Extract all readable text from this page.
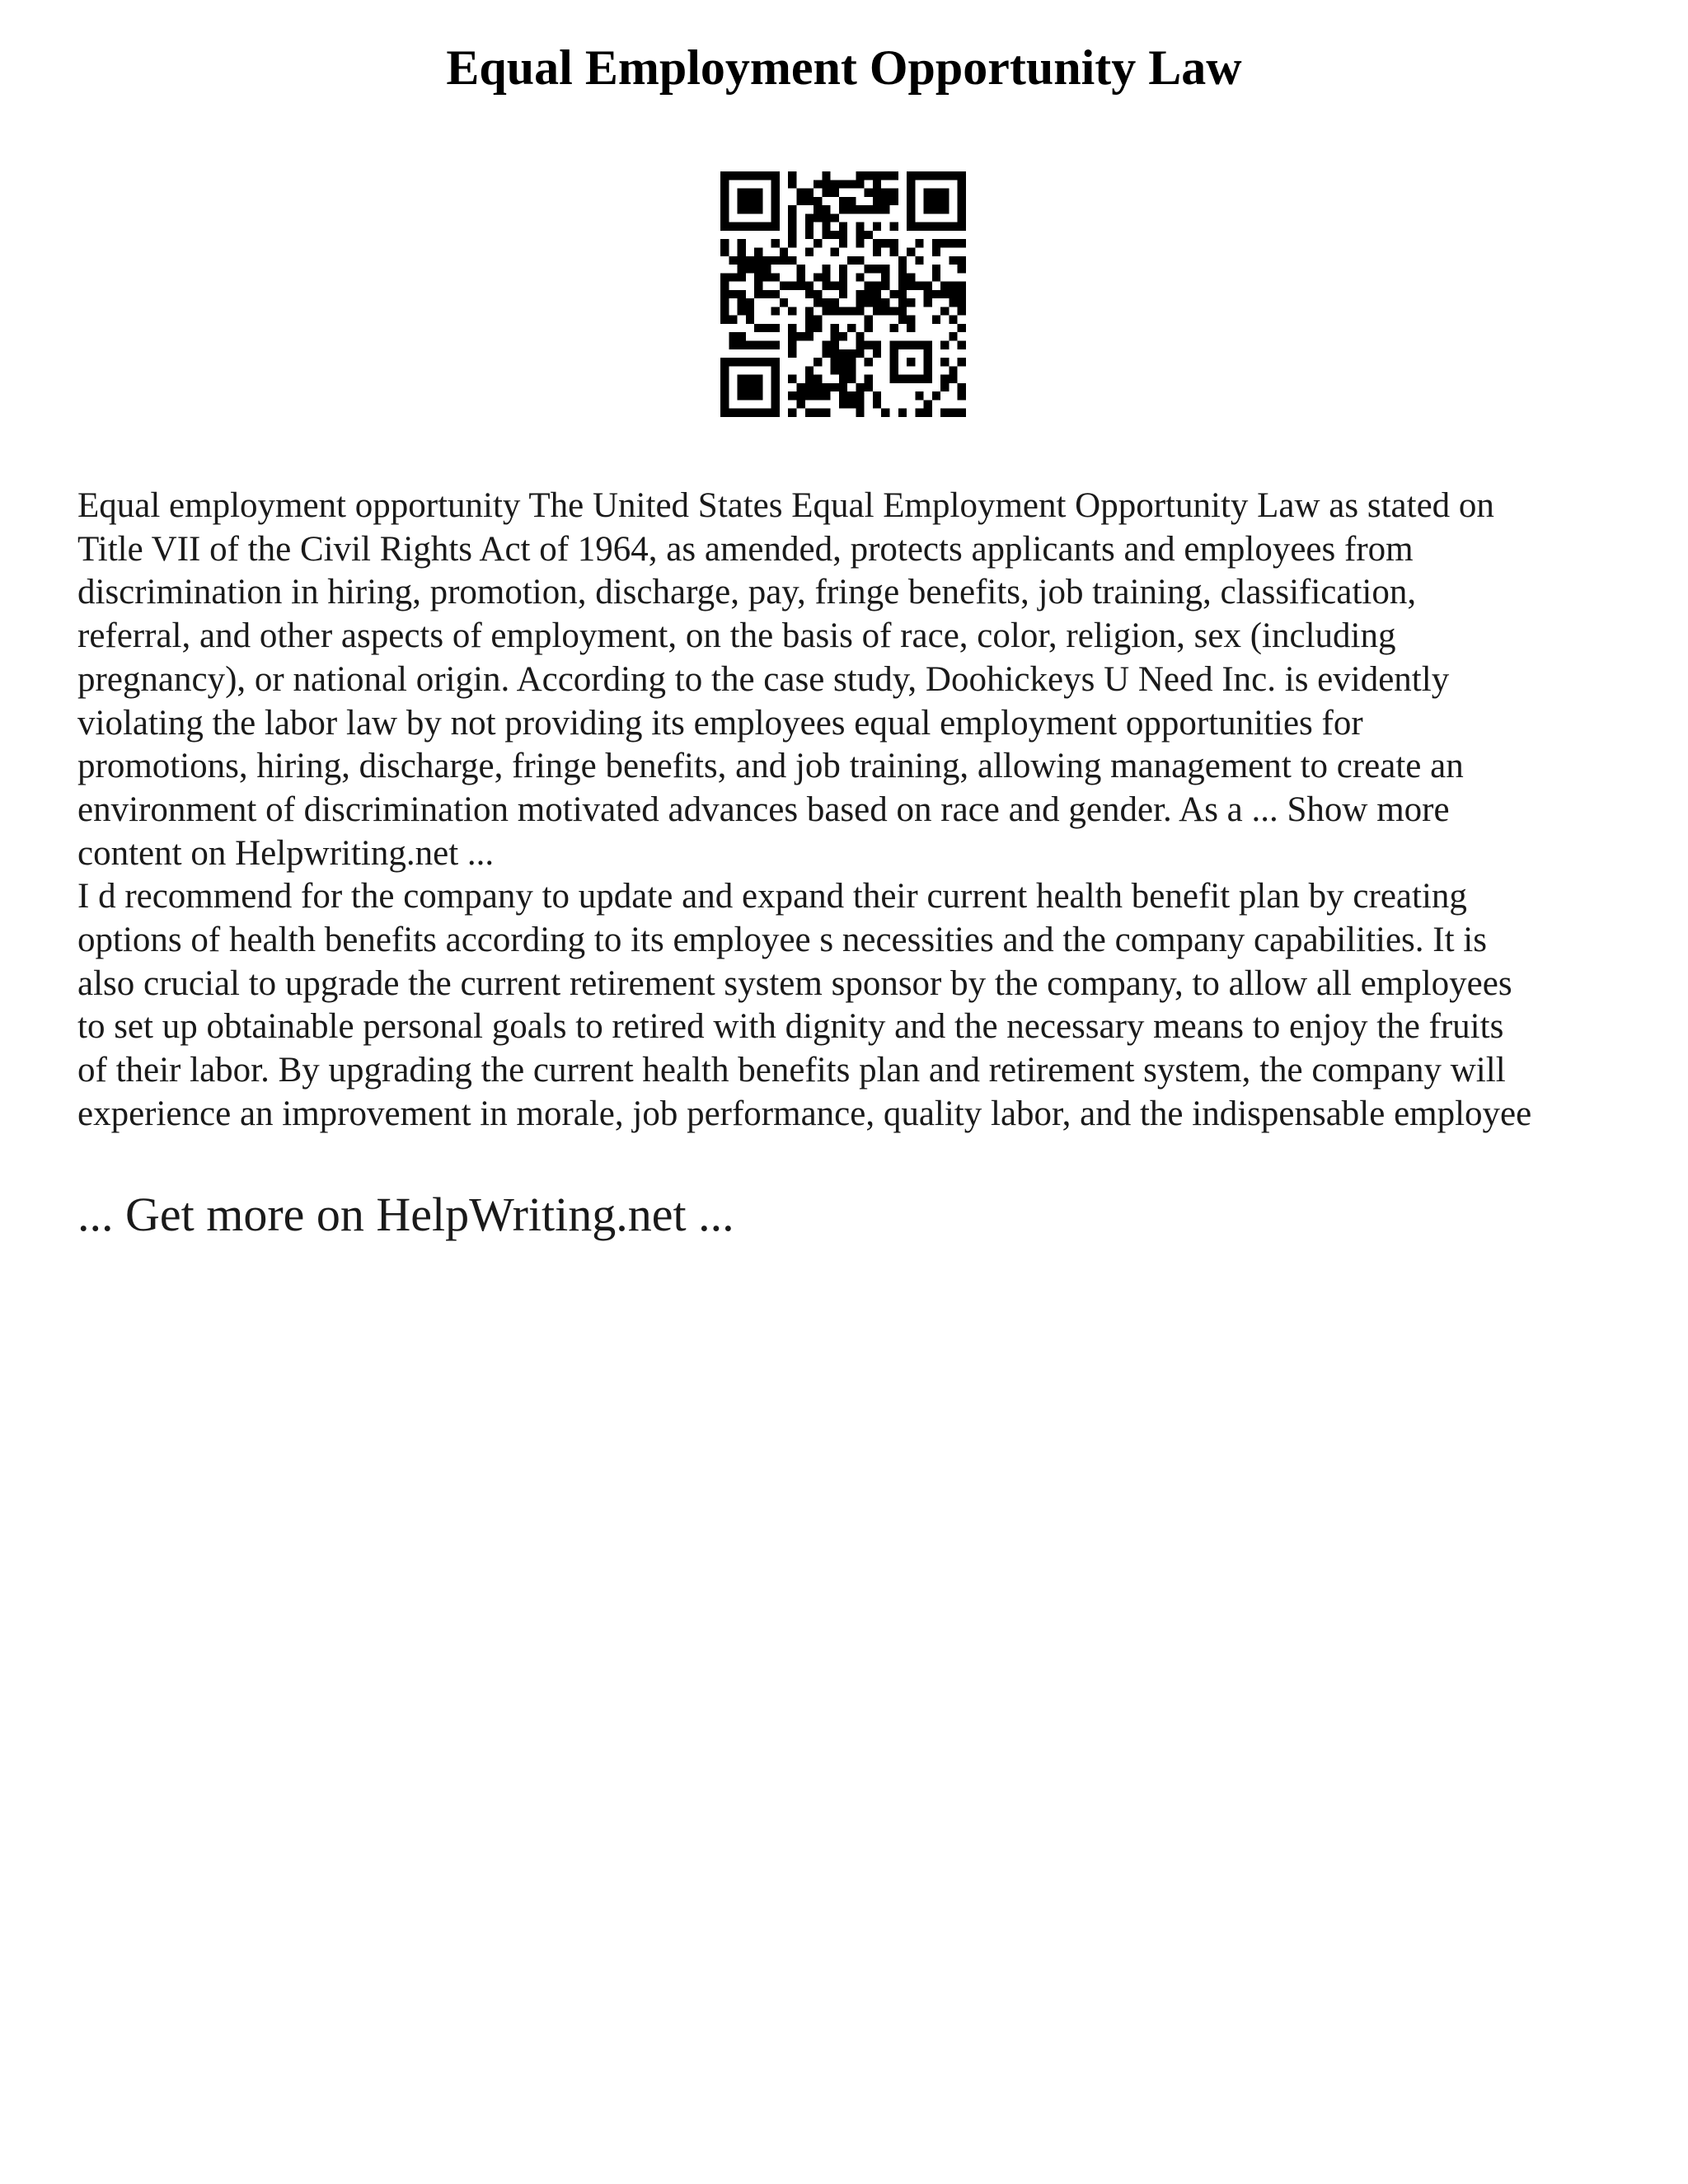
Equal Employment Opportunity Law

Equal employment opportunity The United States Equal Employment Opportunity Law as stated on
Title VII of the Civil Rights Act of 1964, as amended, protects applicants and employees from
discrimination in hiring, promotion, discharge, pay, fringe benefits, job training, classification,
referral, and other aspects of employment, on the basis of race, color, religion, sex (including
pregnancy), or national origin. According to the case study, Doohickeys U Need Inc. is evidently
violating the labor law by not providing its employees equal employment opportunities for
promotions, hiring, discharge, fringe benefits, and job training, allowing management to create an
environment of discrimination motivated advances based on race and gender. As a ... Show more
content on Helpwriting.net ...

I d recommend for the company to update and expand their current health benefit plan by creating
options of health benefits according to its employee s necessities and the company capabilities. It is
also crucial to upgrade the current retirement system sponsor by the company, to allow all employees
to set up obtainable personal goals to retired with dignity and the necessary means to enjoy the fruits
of their labor. By upgrading the current health benefits plan and retirement system, the company will
experience an improvement in morale, job performance, quality labor, and the indispensable employee

... Get more on HelpWriting.net ...
